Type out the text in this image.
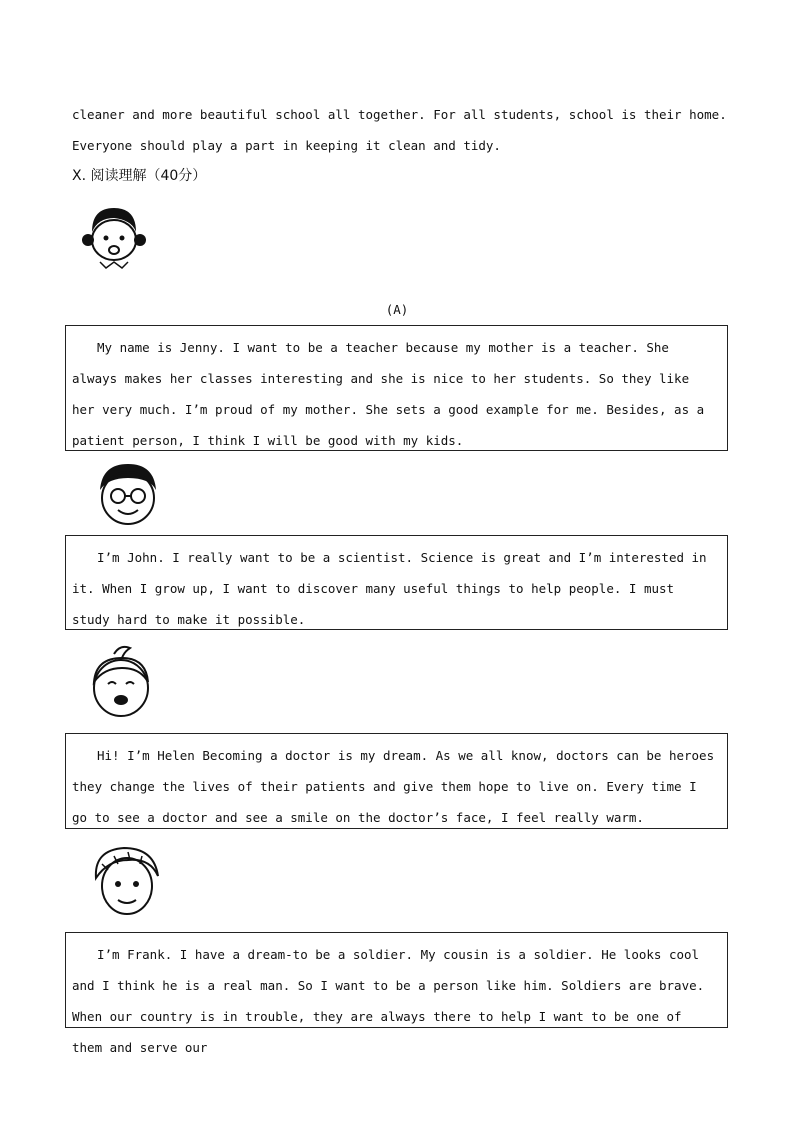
cleaner and more beautiful school all together. For all students, school is their home.
Everyone should play a part in keeping it clean and tidy.
X. 阅读理解（40分）
(A)

My name is Jenny. I want to be a teacher because my mother is a teacher. She always makes her classes interesting and she is nice to her students. So they like her very much. I’m proud of my mother. She sets a good example for me. Besides, as a patient person, I think I will be good with my kids.

I’m John. I really want to be a scientist. Science is great and I’m interested in it. When I grow up, I want to discover many useful things to help people. I must study hard to make it possible.

Hi! I’m Helen Becoming a doctor is my dream. As we all know, doctors can be heroes they change the lives of their patients and give them hope to live on. Every time I go to see a doctor and see a smile on the doctor’s face, I feel really warm.

I’m Frank. I have a dream-to be a soldier. My cousin is a soldier. He looks cool and I think he is a real man. So I want to be a person like him. Soldiers are brave. When our country is in trouble, they are always there to help I want to be one of them and serve our
